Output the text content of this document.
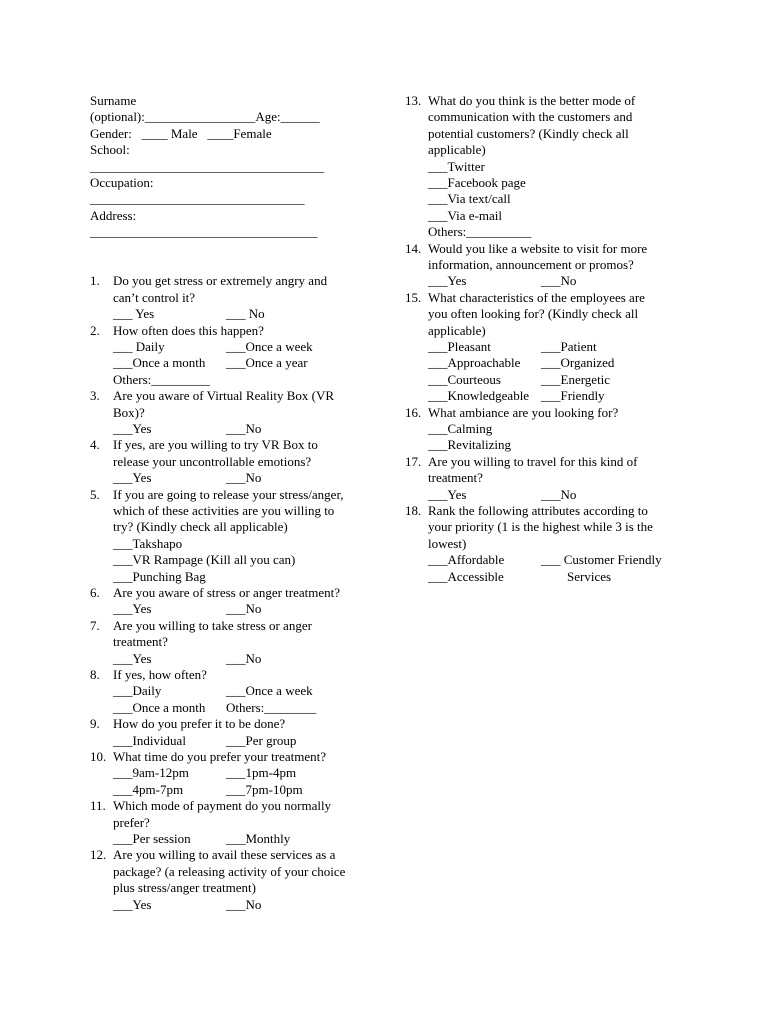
Surname
(optional):_________________Age:______
Gender:   ____ Male   ____Female
School:
____________________________________
Occupation:
_________________________________
Address:
___________________________________
1. Do you get stress or extremely angry and
can’t control it?
___ Yes	___ No
2. How often does this happen?
___ Daily	___Once a week
___Once a month ___Once a year
Others:_________
3. Are you aware of Virtual Reality Box (VR
Box)?
___Yes	___No
4. If yes, are you willing to try VR Box to
release your uncontrollable emotions?
___Yes	___No
5. If you are going to release your stress/anger,
which of these activities are you willing to
try? (Kindly check all applicable)
___Takshapo
___VR Rampage (Kill all you can)
___Punching Bag
6. Are you aware of stress or anger treatment?
___Yes	___No
7. Are you willing to take stress or anger
treatment?
___Yes	___No
8. If yes, how often?
___Daily	___Once a week
___Once a month Others:________
9. How do you prefer it to be done?
___Individual	___Per group
10. What time do you prefer your treatment?
___9am-12pm	___1pm-4pm
___4pm-7pm	___7pm-10pm
11. Which mode of payment do you normally
prefer?
___Per session	___Monthly
12. Are you willing to avail these services as a
package? (a releasing activity of your choice
plus stress/anger treatment)
___Yes	___No
13. What do you think is the better mode of
communication with the customers and
potential customers? (Kindly check all
applicable)
___Twitter
___Facebook page
___Via text/call
___Via e-mail
Others:__________
14. Would you like a website to visit for more
information, announcement or promos?
___Yes	___No
15. What characteristics of the employees are
you often looking for? (Kindly check all
applicable)
___Pleasant	___Patient
___Approachable ___Organized
___Courteous	___Energetic
___Knowledgeable ___Friendly
16. What ambiance are you looking for?
___Calming
___Revitalizing
17. Are you willing to travel for this kind of
treatment?
___Yes	___No
18. Rank the following attributes according to
your priority (1 is the highest while 3 is the
lowest)
___Affordable	___ Customer Friendly
___Accessible	Services
